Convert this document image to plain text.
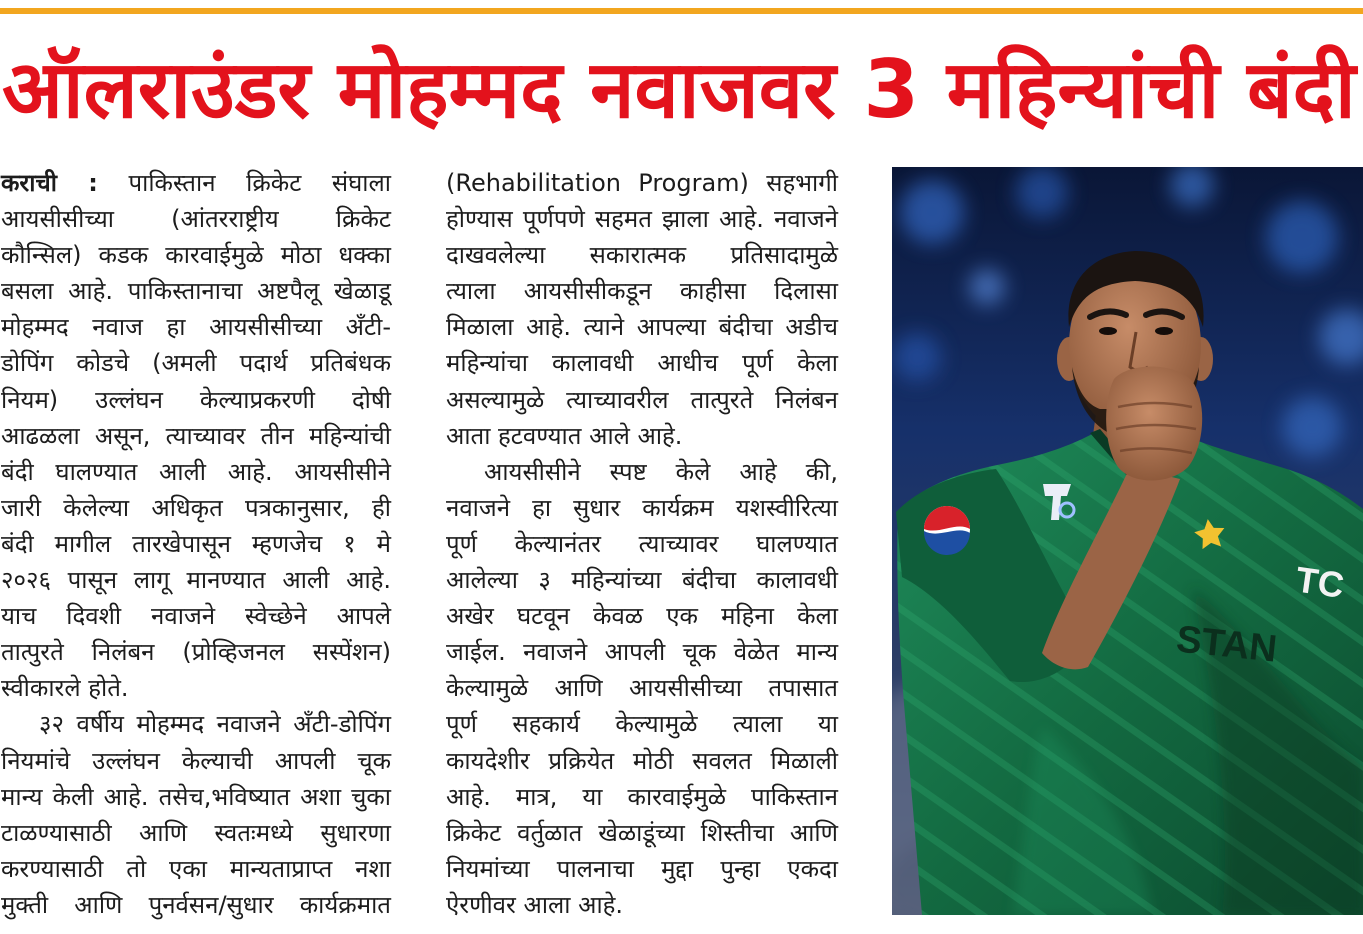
ऑलराउंडर मोहम्मद नवाजवर 3 महिन्यांची बंदी
कराची : पाकिस्तान क्रिकेट संघाला
आयसीसीच्या (आंतरराष्ट्रीय क्रिकेट
कौन्सिल) कडक कारवाईमुळे मोठा धक्का
बसला आहे. पाकिस्तानाचा अष्टपैलू खेळाडू
मोहम्मद नवाज हा आयसीसीच्या अँटी-
डोपिंग कोडचे (अमली पदार्थ प्रतिबंधक
नियम) उल्लंघन केल्याप्रकरणी दोषी
आढळला असून, त्याच्यावर तीन महिन्यांची
बंदी घालण्यात आली आहे. आयसीसीने
जारी केलेल्या अधिकृत पत्रकानुसार, ही
बंदी मागील तारखेपासून म्हणजेच १ मे
२०२६ पासून लागू मानण्यात आली आहे.
याच दिवशी नवाजने स्वेच्छेने आपले
तात्पुरते निलंबन (प्रोव्हिजनल सस्पेंशन)
स्वीकारले होते.
३२ वर्षीय मोहम्मद नवाजने अँटी-डोपिंग
नियमांचे उल्लंघन केल्याची आपली चूक
मान्य केली आहे. तसेच,भविष्यात अशा चुका
टाळण्यासाठी आणि स्वतःमध्ये सुधारणा
करण्यासाठी तो एका मान्यताप्राप्त नशा
मुक्ती आणि पुनर्वसन/सुधार कार्यक्रमात
(Rehabilitation Program) सहभागी
होण्यास पूर्णपणे सहमत झाला आहे. नवाजने
दाखवलेल्या सकारात्मक प्रतिसादामुळे
त्याला आयसीसीकडून काहीसा दिलासा
मिळाला आहे. त्याने आपल्या बंदीचा अडीच
महिन्यांचा कालावधी आधीच पूर्ण केला
असल्यामुळे त्याच्यावरील तात्पुरते निलंबन
आता हटवण्यात आले आहे.
आयसीसीने स्पष्ट केले आहे की,
नवाजने हा सुधार कार्यक्रम यशस्वीरित्या
पूर्ण केल्यानंतर त्याच्यावर घालण्यात
आलेल्या ३ महिन्यांच्या बंदीचा कालावधी
अखेर घटवून केवळ एक महिना केला
जाईल. नवाजने आपली चूक वेळेत मान्य
केल्यामुळे आणि आयसीसीच्या तपासात
पूर्ण सहकार्य केल्यामुळे त्याला या
कायदेशीर प्रक्रियेत मोठी सवलत मिळाली
आहे. मात्र, या कारवाईमुळे पाकिस्तान
क्रिकेट वर्तुळात खेळाडूंच्या शिस्तीचा आणि
नियमांच्या पालनाचा मुद्दा पुन्हा एकदा
ऐरणीवर आला आहे.
TC
STAN
